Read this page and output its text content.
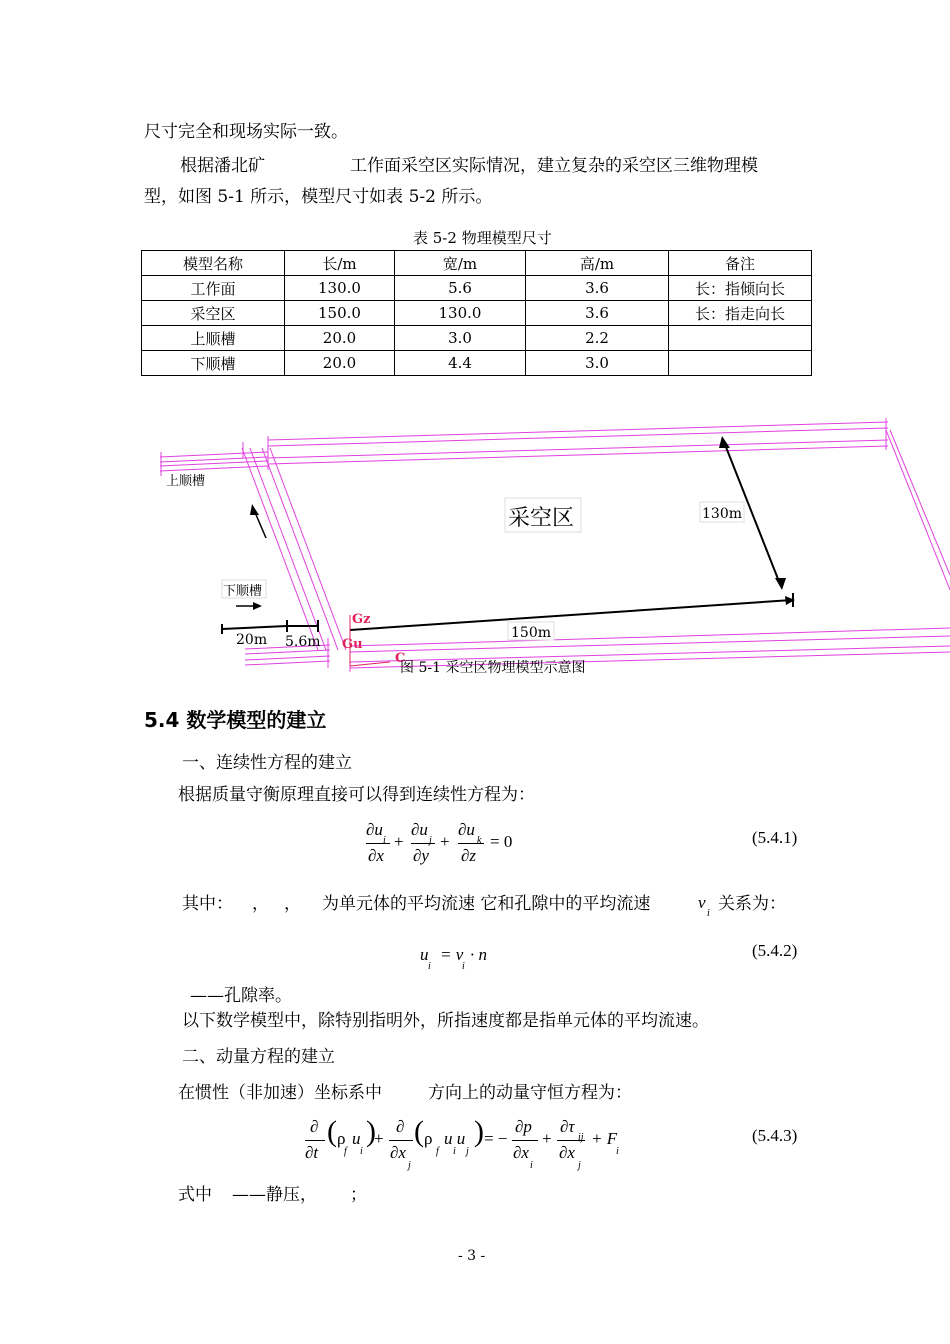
尺寸完全和现场实际一致。
根据潘北矿	工作面采空区实际情况，建立复杂的采空区三维物理模
型，如图 5-1 所示，模型尺寸如表 5-2 所示。
表 5-2 物理模型尺寸
模型名称	长/m	宽/m	高/m	备注
工作面	130.0	5.6	3.6	长：指倾向长
采空区	150.0	130.0	3.6	长：指走向长
上顺槽	20.0	3.0	2.2	
下顺槽	20.0	4.4	3.0	
上顺槽
采空区	130m
下顺槽
20m 5.6m
150m
Gz
Gu
C
图 5-1 采空区物理模型示意图
5.4 数学模型的建立
一、连续性方程的建立
根据质量守衡原理直接可以得到连续性方程为：
∂u
∂x
i +
∂u
∂y
j +
∂u
∂z
k = 0	(5.4.1)
其中： ， ， 为单元体的平均流速 它和孔隙中的平均流速	v
i 关系为：
u
i
= v
i
· n	(5.4.2)
——孔隙率。
以下数学模型中，除特别指明外，所指速度都是指单元体的平均流速。
二、动量方程的建立
在惯性（非加速）坐标系中	方向上的动量守恒方程为：
∂
∂t
( ρ
f
u
i
)
+
∂
∂x
j
( ρ
f
u u
i j
) = −
∂p
∂x
i
+
∂τ
ij
∂x
j
+ F
i
(5.4.3)
式中 ——静压， ；
- 3 -
